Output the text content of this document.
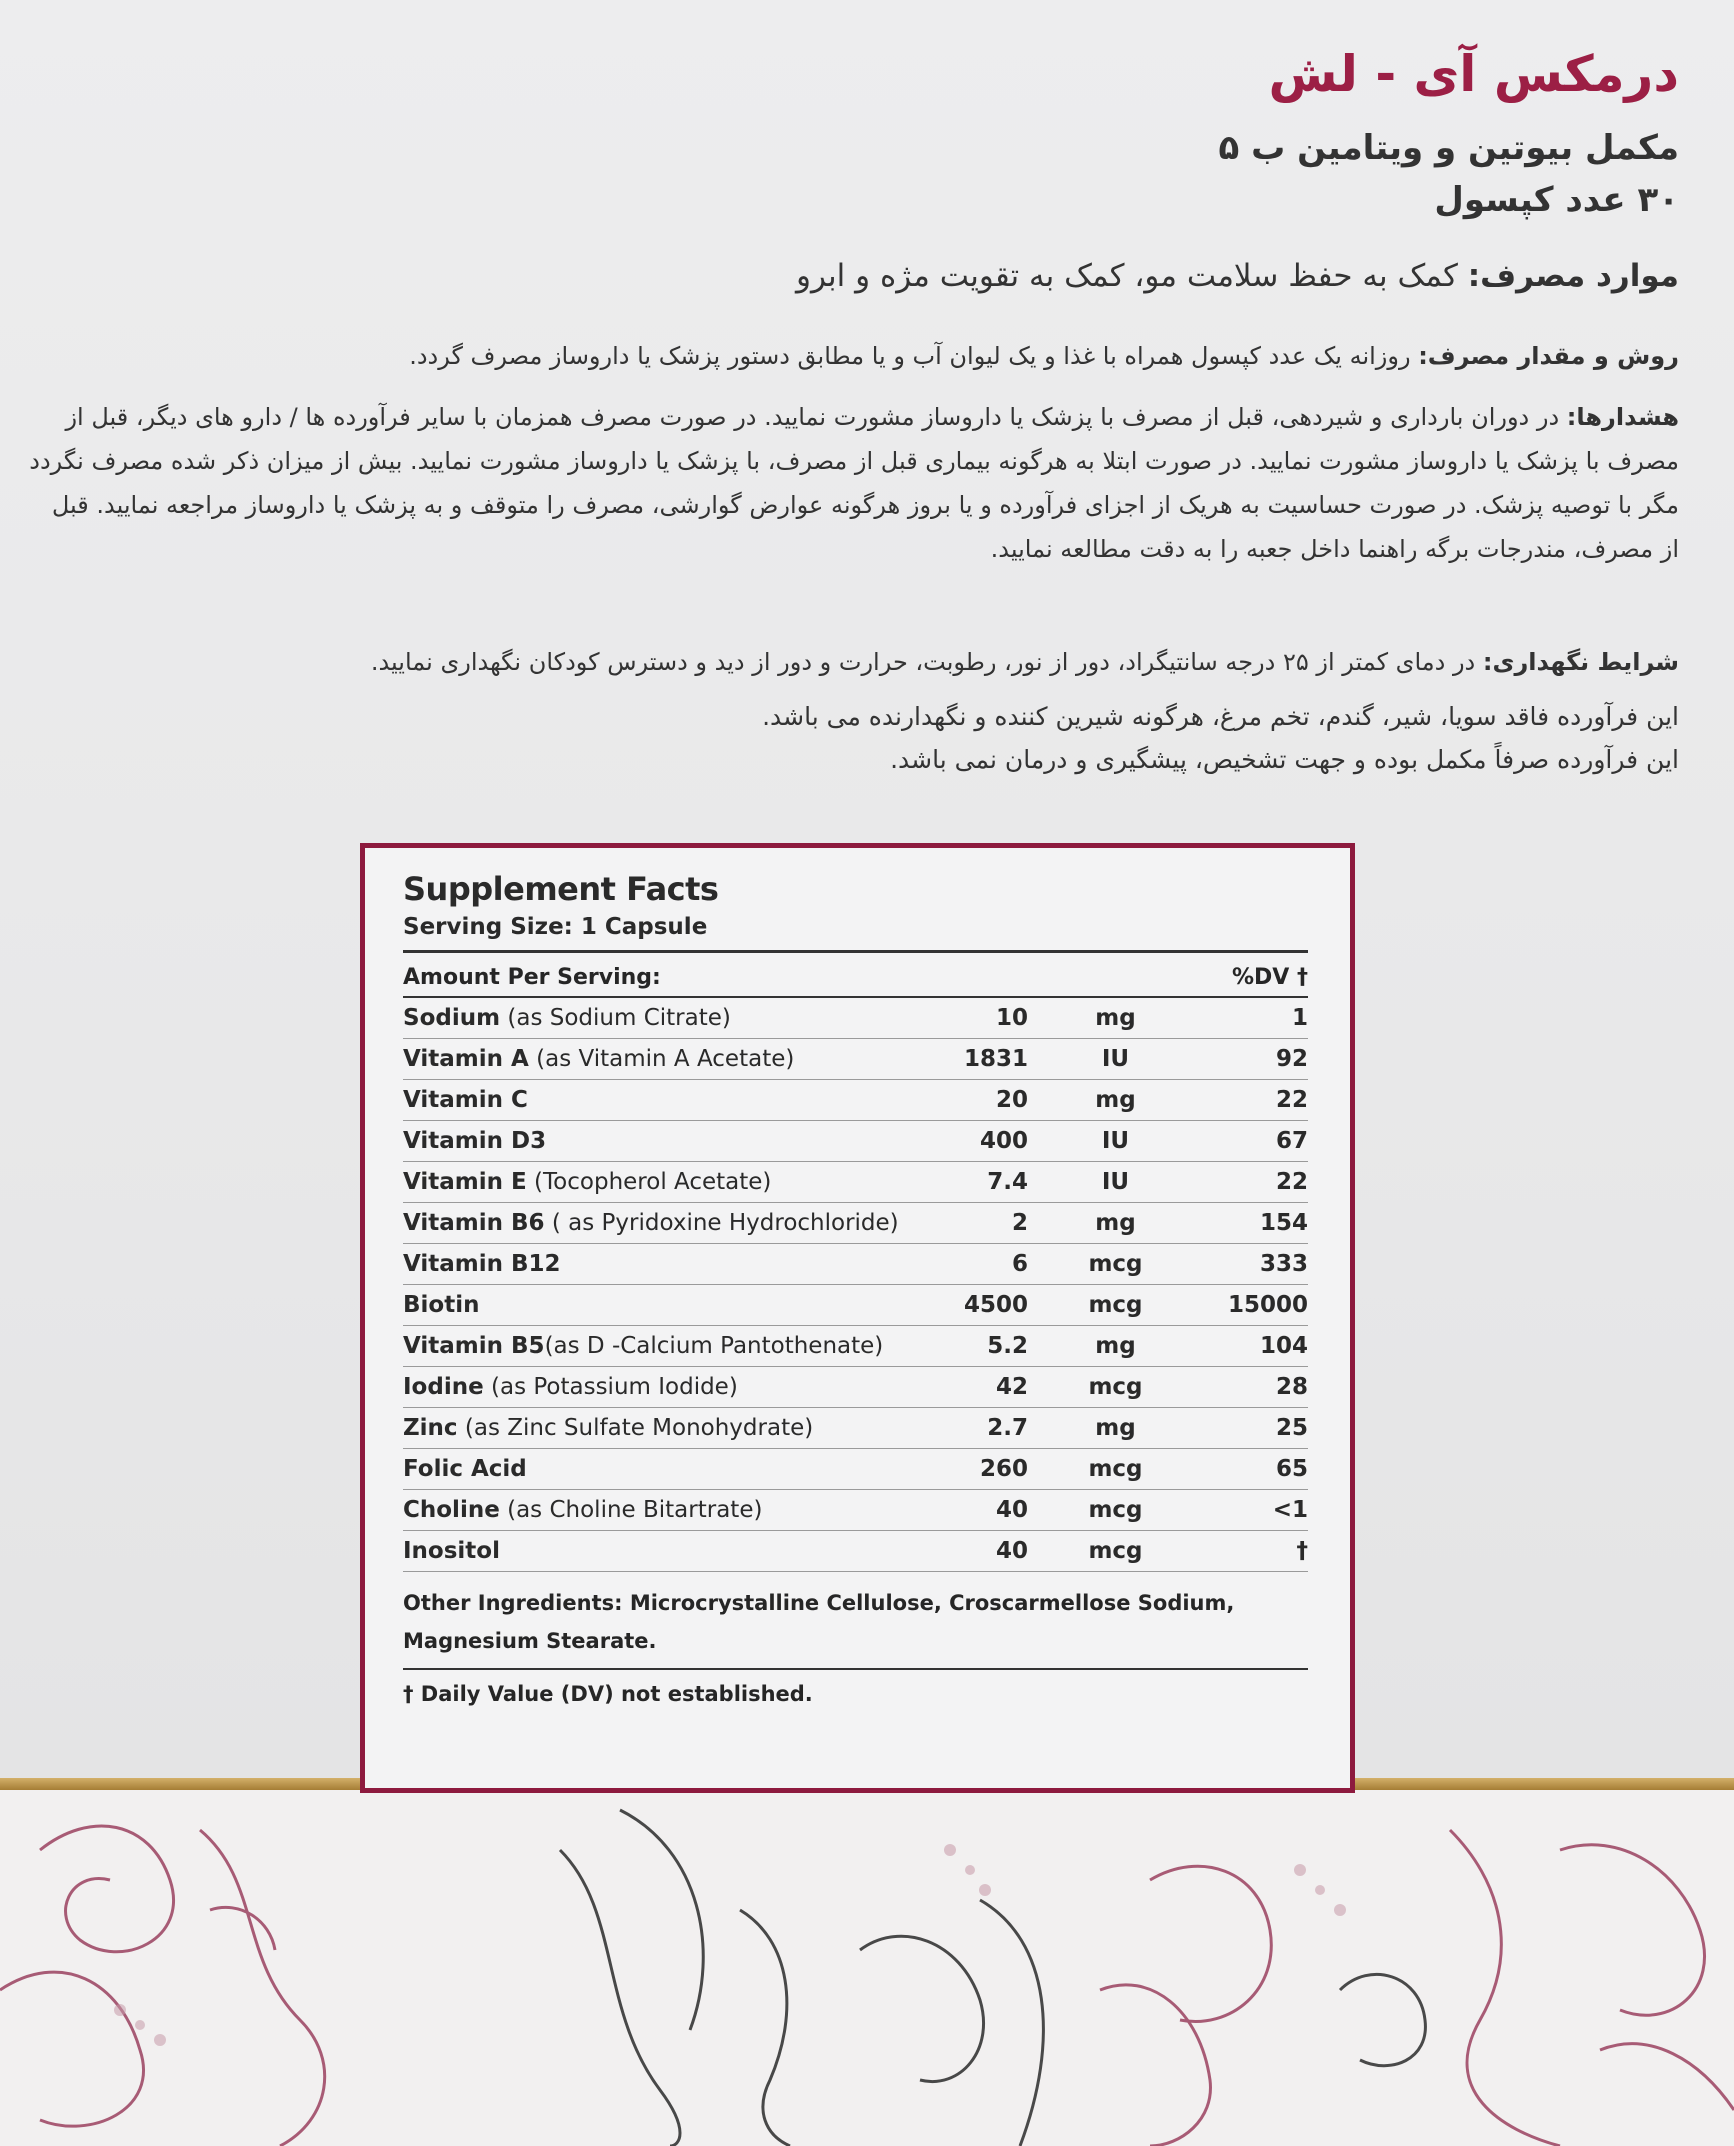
درمکس آی - لش
مکمل بیوتین و ویتامین ب ۵
۳۰ عدد کپسول
موارد مصرف: کمک به حفظ سلامت مو، کمک به تقویت مژه و ابرو
روش و مقدار مصرف: روزانه یک عدد کپسول همراه با غذا و یک لیوان آب و یا مطابق دستور پزشک یا داروساز مصرف گردد.
هشدارها: در دوران بارداری و شیردهی، قبل از مصرف با پزشک یا داروساز مشورت نمایید. در صورت مصرف همزمان با سایر فرآورده ها / دارو های دیگر، قبل از مصرف با پزشک یا داروساز مشورت نمایید. در صورت ابتلا به هرگونه بیماری قبل از مصرف، با پزشک یا داروساز مشورت نمایید. بیش از میزان ذکر شده مصرف نگردد مگر با توصیه پزشک. در صورت حساسیت به هریک از اجزای فرآورده و یا بروز هرگونه عوارض گوارشی، مصرف را متوقف و به پزشک یا داروساز مراجعه نمایید. قبل از مصرف، مندرجات برگه راهنما داخل جعبه را به دقت مطالعه نمایید.
شرایط نگهداری: در دمای کمتر از ۲۵ درجه سانتیگراد، دور از نور، رطوبت، حرارت و دور از دید و دسترس کودکان نگهداری نمایید.
این فرآورده فاقد سویا، شیر، گندم، تخم مرغ، هرگونه شیرین کننده و نگهدارنده می باشد.
این فرآورده صرفاً مکمل بوده و جهت تشخیص، پیشگیری و درمان نمی باشد.
Supplement Facts
Serving Size: 1 Capsule
Amount Per Serving:	%DV †
Sodium (as Sodium Citrate)	10	mg	1
Vitamin A (as Vitamin A Acetate)	1831	IU	92
Vitamin C	20	mg	22
Vitamin D3	400	IU	67
Vitamin E (Tocopherol Acetate)	7.4	IU	22
Vitamin B6 ( as Pyridoxine Hydrochloride)	2	mg	154
Vitamin B12	6	mcg	333
Biotin	4500	mcg	15000
Vitamin B5(as D -Calcium Pantothenate)	5.2	mg	104
Iodine (as Potassium Iodide)	42	mcg	28
Zinc (as Zinc Sulfate Monohydrate)	2.7	mg	25
Folic Acid	260	mcg	65
Choline (as Choline Bitartrate)	40	mcg	<1
Inositol	40	mcg	†
Other Ingredients: Microcrystalline Cellulose, Croscarmellose Sodium, Magnesium Stearate.
† Daily Value (DV) not established.
